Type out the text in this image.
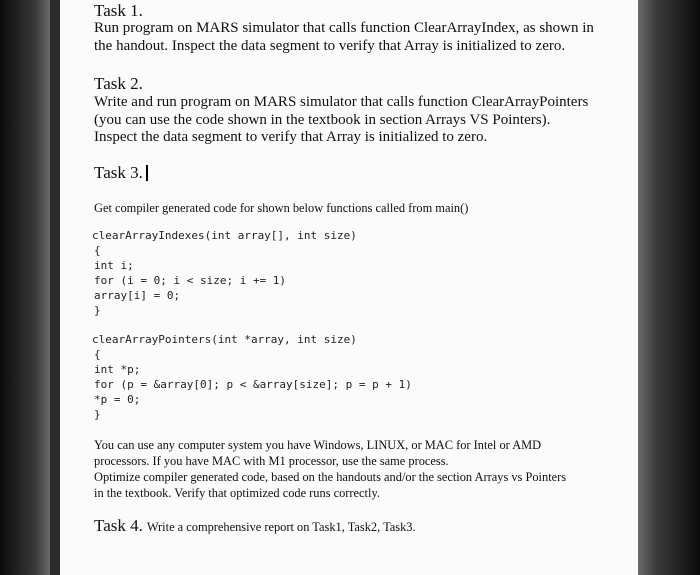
Task 1.
Run program on MARS simulator that calls function ClearArrayIndex, as shown in
the handout. Inspect the data segment to verify that Array is initialized to zero.
Task 2.
Write and run program on MARS simulator that calls function ClearArrayPointers
(you can use the code shown in the textbook in section Arrays VS Pointers).
Inspect the data segment to verify that Array is initialized to zero.
Task 3.
Get compiler generated code for shown below functions called from main()
clearArrayIndexes(int array[], int size)
{
int i;
for (i = 0; i < size; i += 1)
array[i] = 0;
}
clearArrayPointers(int *array, int size)
{
int *p;
for (p = &array[0]; p < &array[size]; p = p + 1)
*p = 0;
}
You can use any computer system you have Windows, LINUX, or MAC for Intel or AMD
processors. If you have MAC with M1 processor, use the same process.
Optimize compiler generated code, based on the handouts and/or the section Arrays vs Pointers
in the textbook. Verify that optimized code runs correctly.
Task 4. Write a comprehensive report on Task1, Task2, Task3.
